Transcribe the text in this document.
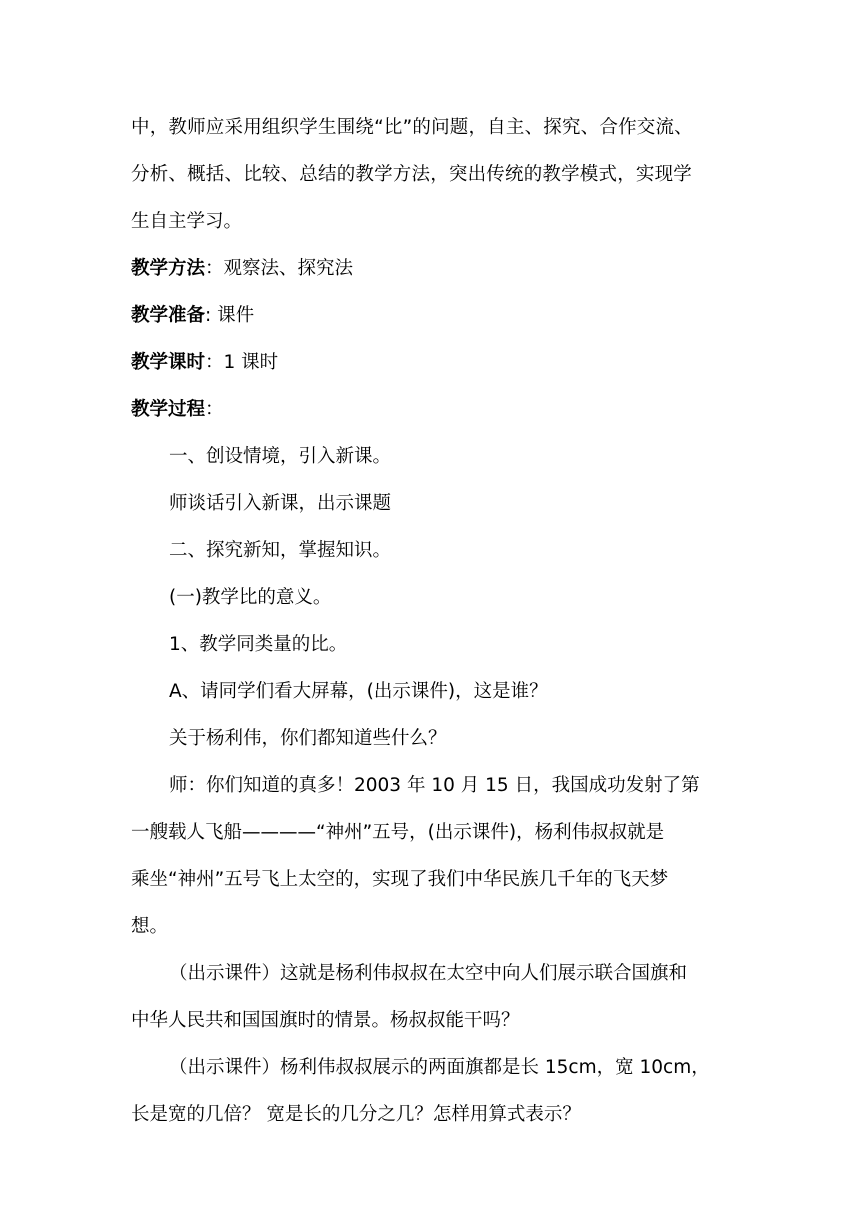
中，教师应采用组织学生围绕“比”的问题，自主、探究、合作交流、

分析、概括、比较、总结的教学方法，突出传统的教学模式，实现学

生自主学习。

教学方法：观察法、探究法

教学准备: 课件

教学课时：1 课时

教学过程：

一、创设情境，引入新课。

师谈话引入新课，出示课题

二、探究新知，掌握知识。

(一)教学比的意义。

1、教学同类量的比。

A、请同学们看大屏幕，(出示课件)，这是谁？

关于杨利伟，你们都知道些什么？

师：你们知道的真多！2003 年 10 月 15 日，我国成功发射了第

一艘载人飞船————“神州”五号，(出示课件)，杨利伟叔叔就是

乘坐“神州”五号飞上太空的，实现了我们中华民族几千年的飞天梦

想。

（出示课件）这就是杨利伟叔叔在太空中向人们展示联合国旗和

中华人民共和国国旗时的情景。杨叔叔能干吗？

（出示课件）杨利伟叔叔展示的两面旗都是长 15cm，宽 10cm，

长是宽的几倍？ 宽是长的几分之几？怎样用算式表示？
